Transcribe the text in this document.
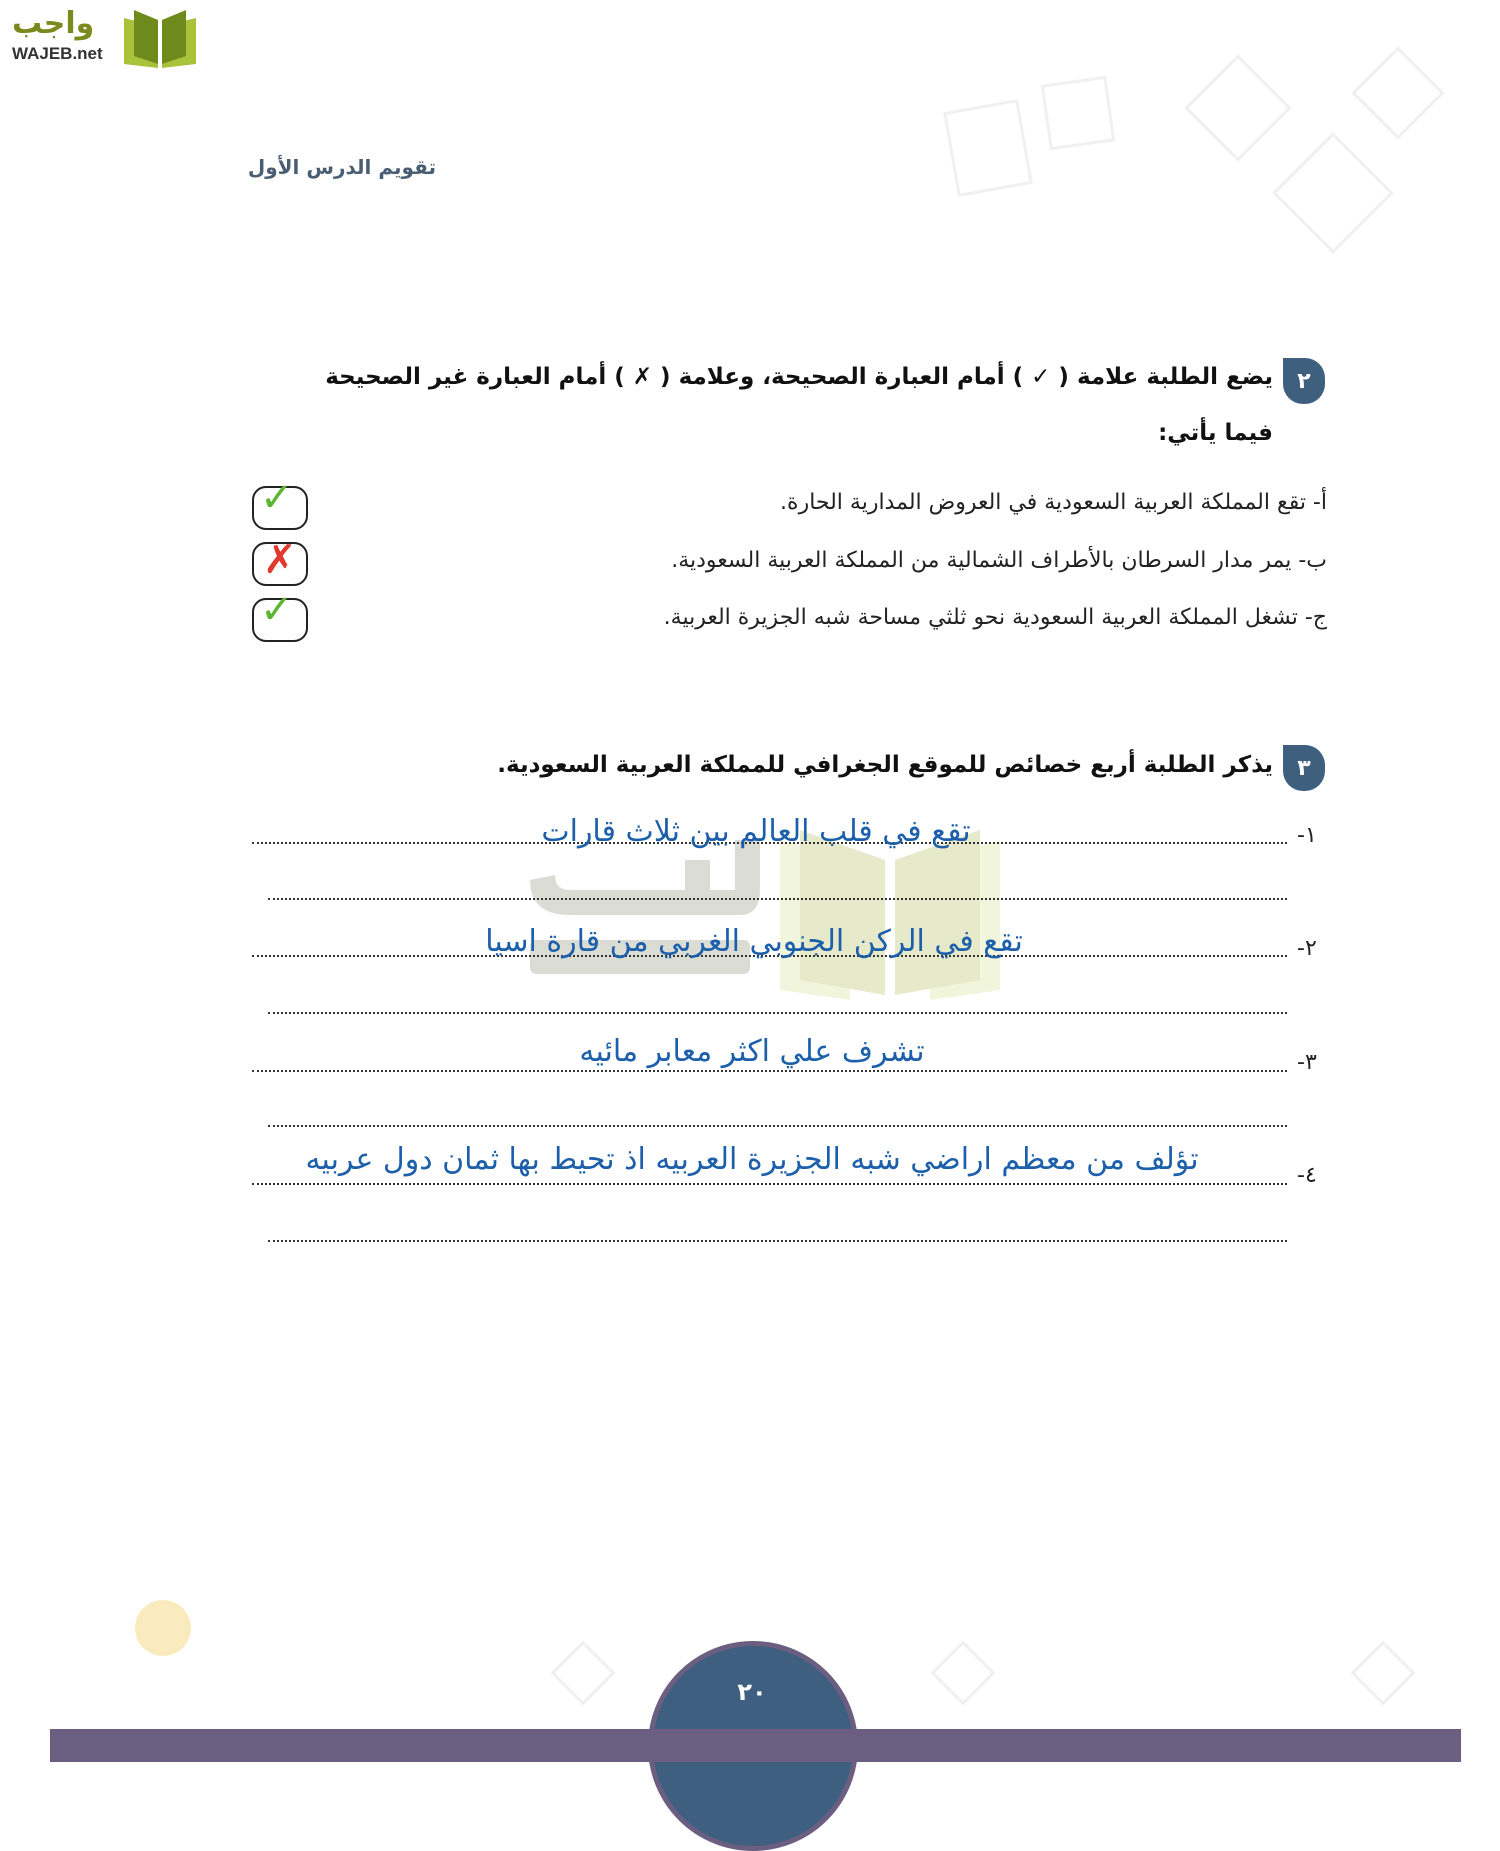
واجب
WAJEB.net
تقويم الدرس الأول
٢
يضع الطلبة علامة ( ✓ ) أمام العبارة الصحيحة، وعلامة ( ✗ ) أمام العبارة غير الصحيحة
فيما يأتي:
أ- تقع المملكة العربية السعودية في العروض المدارية الحارة.
✓
ب- يمر مدار السرطان بالأطراف الشمالية من المملكة العربية السعودية.
✗
ج- تشغل المملكة العربية السعودية نحو ثلثي مساحة شبه الجزيرة العربية.
✓
٣
يذكر الطلبة أربع خصائص للموقع الجغرافي للمملكة العربية السعودية.
١-
تقع في قلب العالم بين ثلاث قارات
٢-
تقع في الركن الجنوبي الغربي من قارة اسيا
٣-
تشرف علي اكثر معابر مائيه
٤-
تؤلف من معظم اراضي شبه الجزيرة العربيه اذ تحيط بها ثمان دول عربيه
٢٠
